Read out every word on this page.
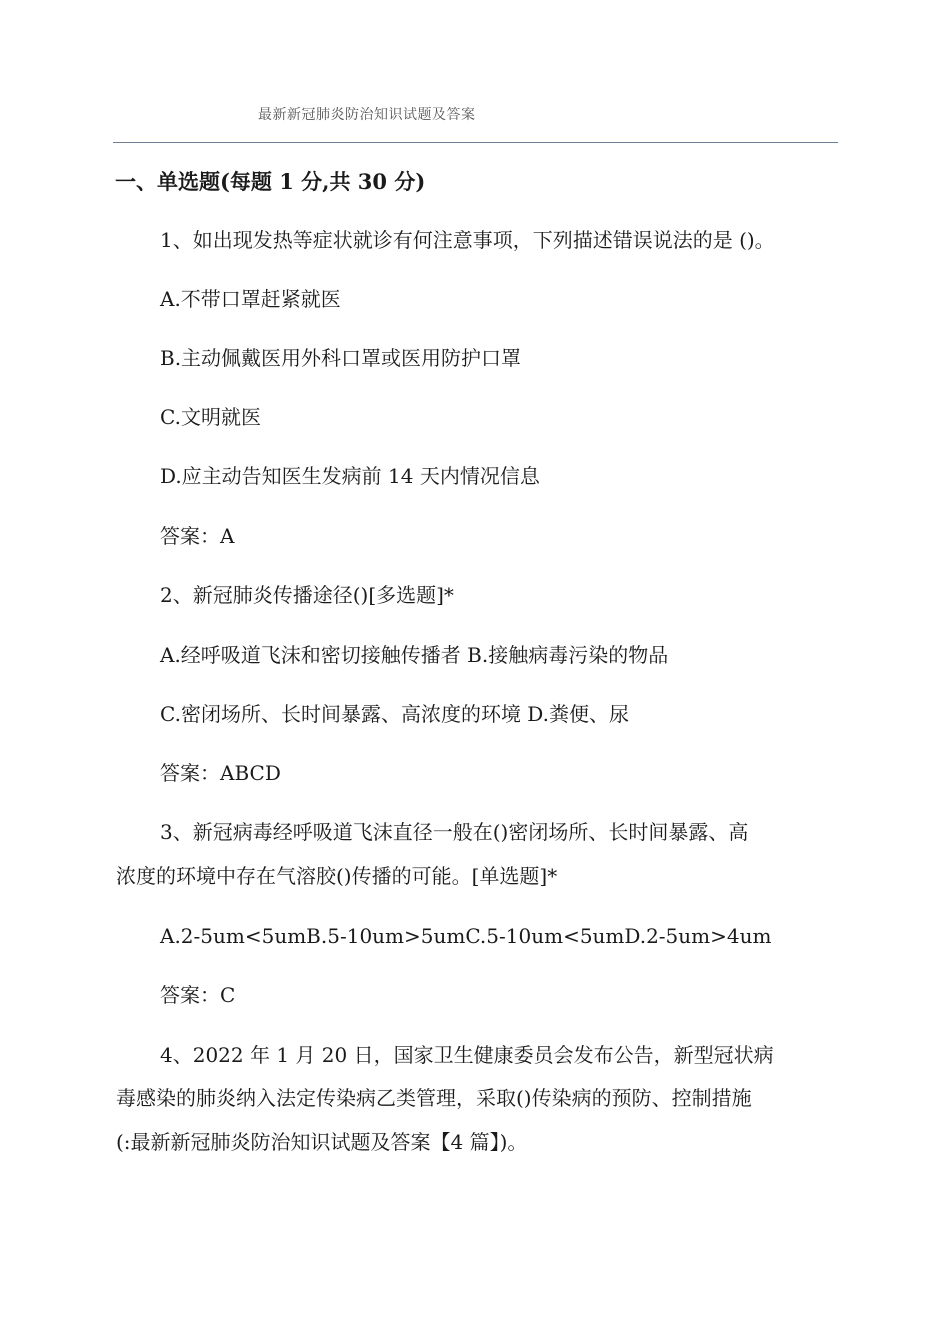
最新新冠肺炎防治知识试题及答案
一、单选题(每题 1 分,共 30 分)
1、如出现发热等症状就诊有何注意事项，下列描述错误说法的是 ()。
A.不带口罩赶紧就医
B.主动佩戴医用外科口罩或医用防护口罩
C.文明就医
D.应主动告知医生发病前 14 天内情况信息
答案：A
2、新冠肺炎传播途径()[多选题]*
A.经呼吸道飞沫和密切接触传播者 B.接触病毒污染的物品
C.密闭场所、长时间暴露、高浓度的环境 D.粪便、尿
答案：ABCD
3、新冠病毒经呼吸道飞沫直径一般在()密闭场所、长时间暴露、高
浓度的环境中存在气溶胶()传播的可能。[单选题]*
A.2-5um<5umB.5-10um>5umC.5-10um<5umD.2-5um>4um
答案：C
4、2022 年 1 月 20 日，国家卫生健康委员会发布公告，新型冠状病
毒感染的肺炎纳入法定传染病乙类管理，采取()传染病的预防、控制措施
(:最新新冠肺炎防治知识试题及答案【4 篇】)。
